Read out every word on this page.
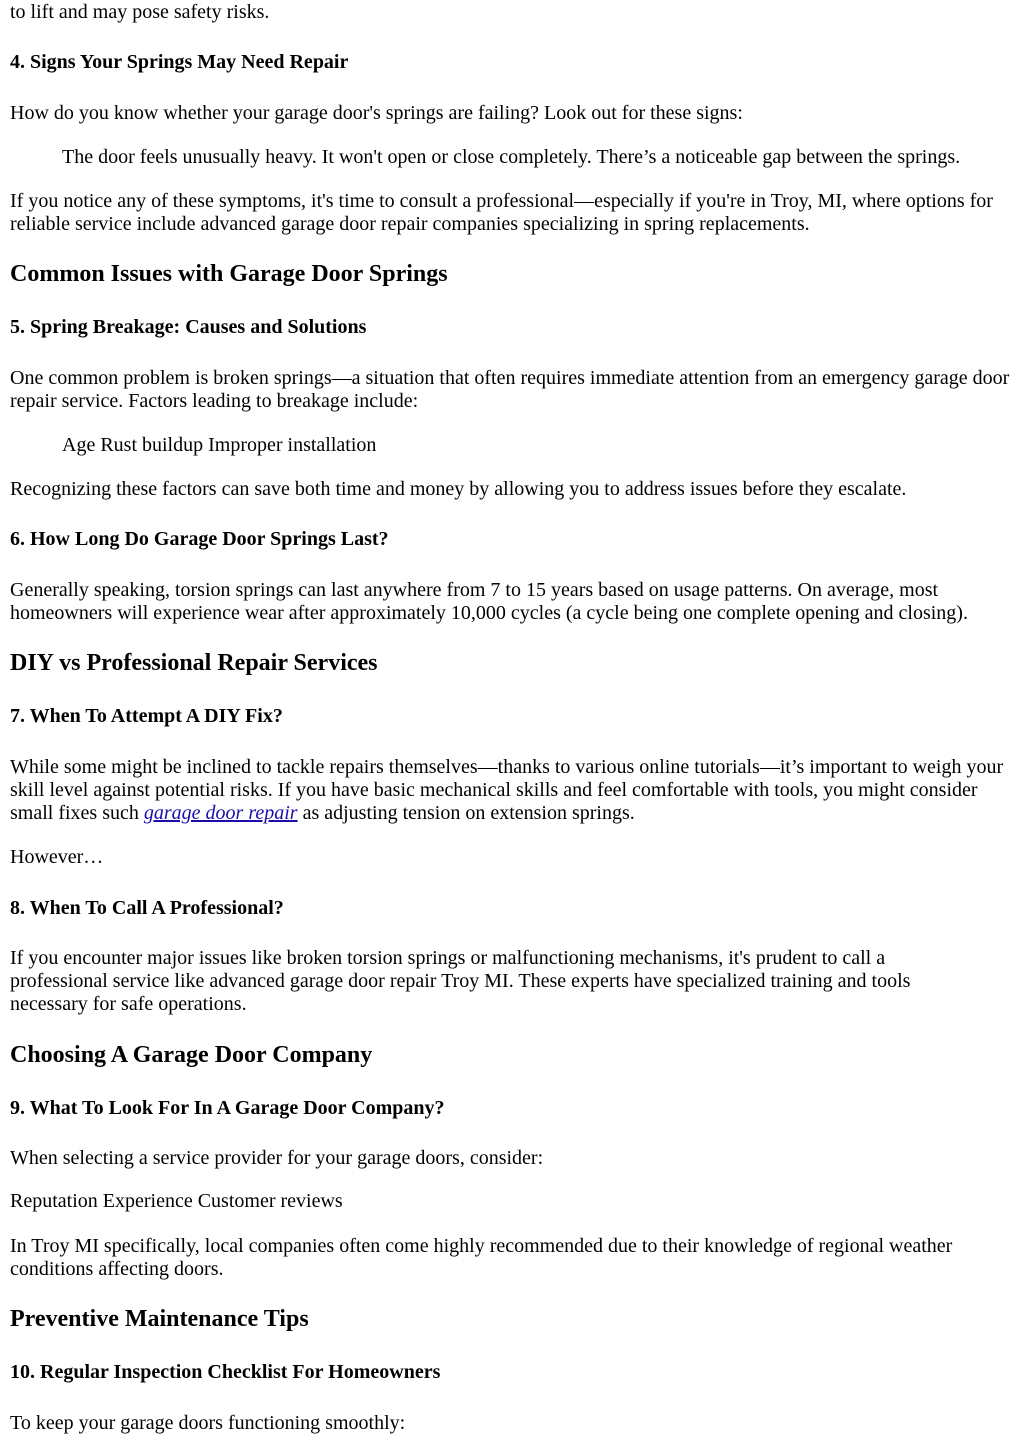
to lift and may pose safety risks.

4. Signs Your Springs May Need Repair

How do you know whether your garage door's springs are failing? Look out for these signs:

The door feels unusually heavy. It won't open or close completely. There’s a noticeable gap between the springs.

If you notice any of these symptoms, it's time to consult a professional—especially if you're in Troy, MI, where options for reliable service include advanced garage door repair companies specializing in spring replacements.

Common Issues with Garage Door Springs
5. Spring Breakage: Causes and Solutions

One common problem is broken springs—a situation that often requires immediate attention from an emergency garage door repair service. Factors leading to breakage include:

Age Rust buildup Improper installation

Recognizing these factors can save both time and money by allowing you to address issues before they escalate.

6. How Long Do Garage Door Springs Last?

Generally speaking, torsion springs can last anywhere from 7 to 15 years based on usage patterns. On average, most homeowners will experience wear after approximately 10,000 cycles (a cycle being one complete opening and closing).

DIY vs Professional Repair Services
7. When To Attempt A DIY Fix?

While some might be inclined to tackle repairs themselves—thanks to various online tutorials—it’s important to weigh your skill level against potential risks. If you have basic mechanical skills and feel comfortable with tools, you might consider small fixes such garage door repair as adjusting tension on extension springs.

However…

8. When To Call A Professional?

If you encounter major issues like broken torsion springs or malfunctioning mechanisms, it's prudent to call a professional service like advanced garage door repair Troy MI. These experts have specialized training and tools necessary for safe operations.

Choosing A Garage Door Company
9. What To Look For In A Garage Door Company?

When selecting a service provider for your garage doors, consider:

Reputation Experience Customer reviews

In Troy MI specifically, local companies often come highly recommended due to their knowledge of regional weather conditions affecting doors.

Preventive Maintenance Tips
10. Regular Inspection Checklist For Homeowners

To keep your garage doors functioning smoothly:
